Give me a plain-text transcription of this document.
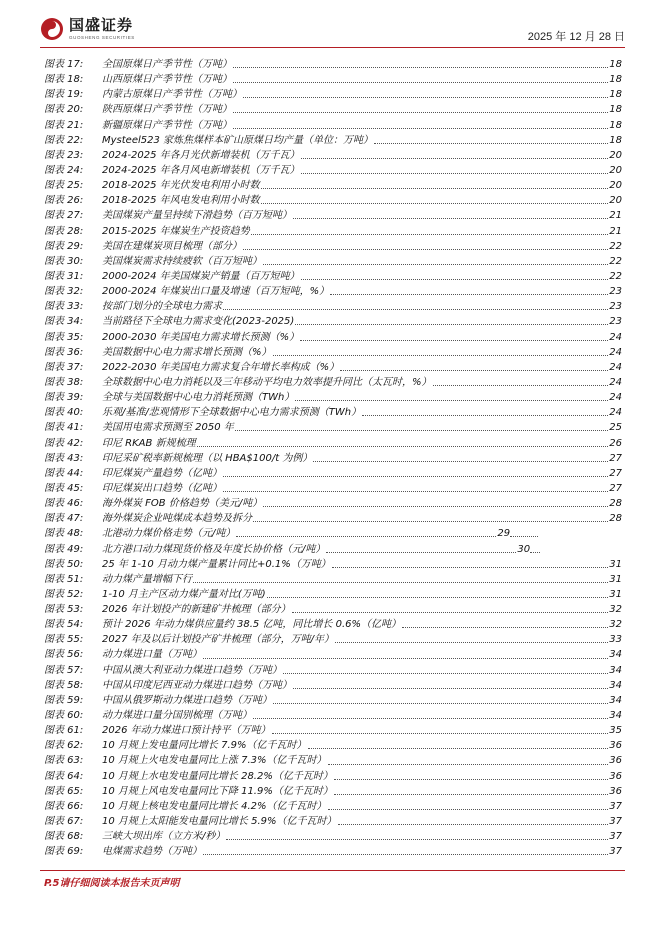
国盛证券
GUOSHENG SECURITIES	2025 年 12 月 28 日
图表 17:	全国原煤日产季节性（万吨）	18
图表 18:	山西原煤日产季节性（万吨）	18
图表 19:	内蒙古原煤日产季节性（万吨）	18
图表 20:	陕西原煤日产季节性（万吨）	18
图表 21:	新疆原煤日产季节性（万吨）	18
图表 22:	Mysteel523 家炼焦煤样本矿山原煤日均产量（单位：万吨）	18
图表 23:	2024-2025 年各月光伏新增装机（万千瓦）	20
图表 24:	2024-2025 年各月风电新增装机（万千瓦）	20
图表 25:	2018-2025 年光伏发电利用小时数	20
图表 26:	2018-2025 年风电发电利用小时数	20
图表 27:	美国煤炭产量呈持续下滑趋势（百万短吨）	21
图表 28:	2015-2025 年煤炭生产投资趋势	21
图表 29:	美国在建煤炭项目梳理（部分）	22
图表 30:	美国煤炭需求持续疲软（百万短吨）	22
图表 31:	2000-2024 年美国煤炭产销量（百万短吨）	22
图表 32:	2000-2024 年煤炭出口量及增速（百万短吨，%）	23
图表 33:	按部门划分的全球电力需求	23
图表 34:	当前路径下全球电力需求变化(2023-2025)	23
图表 35:	2000-2030 年美国电力需求增长预测（%）	24
图表 36:	美国数据中心电力需求增长预测（%）	24
图表 37:	2022-2030 年美国电力需求复合年增长率构成（%）	24
图表 38:	全球数据中心电力消耗以及三年移动平均电力效率提升同比（太瓦时，%）	24
图表 39:	全球与美国数据中心电力消耗预测（TWh）	24
图表 40:	乐观/基准/悲观情形下全球数据中心电力需求预测（TWh）	24
图表 41:	美国用电需求预测至 2050 年	25
图表 42:	印尼 RKAB 新规梳理	26
图表 43:	印尼采矿税率新规梳理（以 HBA$100/t 为例）	27
图表 44:	印尼煤炭产量趋势（亿吨）	27
图表 45:	印尼煤炭出口趋势（亿吨）	27
图表 46:	海外煤炭 FOB 价格趋势（美元/吨）	28
图表 47:	海外煤炭企业吨煤成本趋势及拆分	28
图表 48:	北港动力煤价格走势（元/吨）	29
图表 49:	北方港口动力煤现货价格及年度长协价格（元/吨）	30
图表 50:	25 年 1-10 月动力煤产量累计同比+0.1%（万吨）	31
图表 51:	动力煤产量增幅下行	31
图表 52:	1-10 月主产区动力煤产量对比(万吨)	31
图表 53:	2026 年计划投产的新建矿井梳理（部分）	32
图表 54:	预计 2026 年动力煤供应量约 38.5 亿吨，同比增长 0.6%（亿吨）	32
图表 55:	2027 年及以后计划投产矿井梳理（部分，万吨/年）	33
图表 56:	动力煤进口量（万吨）	34
图表 57:	中国从澳大利亚动力煤进口趋势（万吨）	34
图表 58:	中国从印度尼西亚动力煤进口趋势（万吨）	34
图表 59:	中国从俄罗斯动力煤进口趋势（万吨）	34
图表 60:	动力煤进口量分国别梳理（万吨）	34
图表 61:	2026 年动力煤进口预计持平（万吨）	35
图表 62:	10 月规上发电量同比增长 7.9%（亿千瓦时）	36
图表 63:	10 月规上火电发电量同比上涨 7.3%（亿千瓦时）	36
图表 64:	10 月规上水电发电量同比增长 28.2%（亿千瓦时）	36
图表 65:	10 月规上风电发电量同比下降 11.9%（亿千瓦时）	36
图表 66:	10 月规上核电发电量同比增长 4.2%（亿千瓦时）	37
图表 67:	10 月规上太阳能发电量同比增长 5.9%（亿千瓦时）	37
图表 68:	三峡大坝出库（立方米/秒）	37
图表 69:	电煤需求趋势（万吨）	37
P.5请仔细阅读本报告末页声明
